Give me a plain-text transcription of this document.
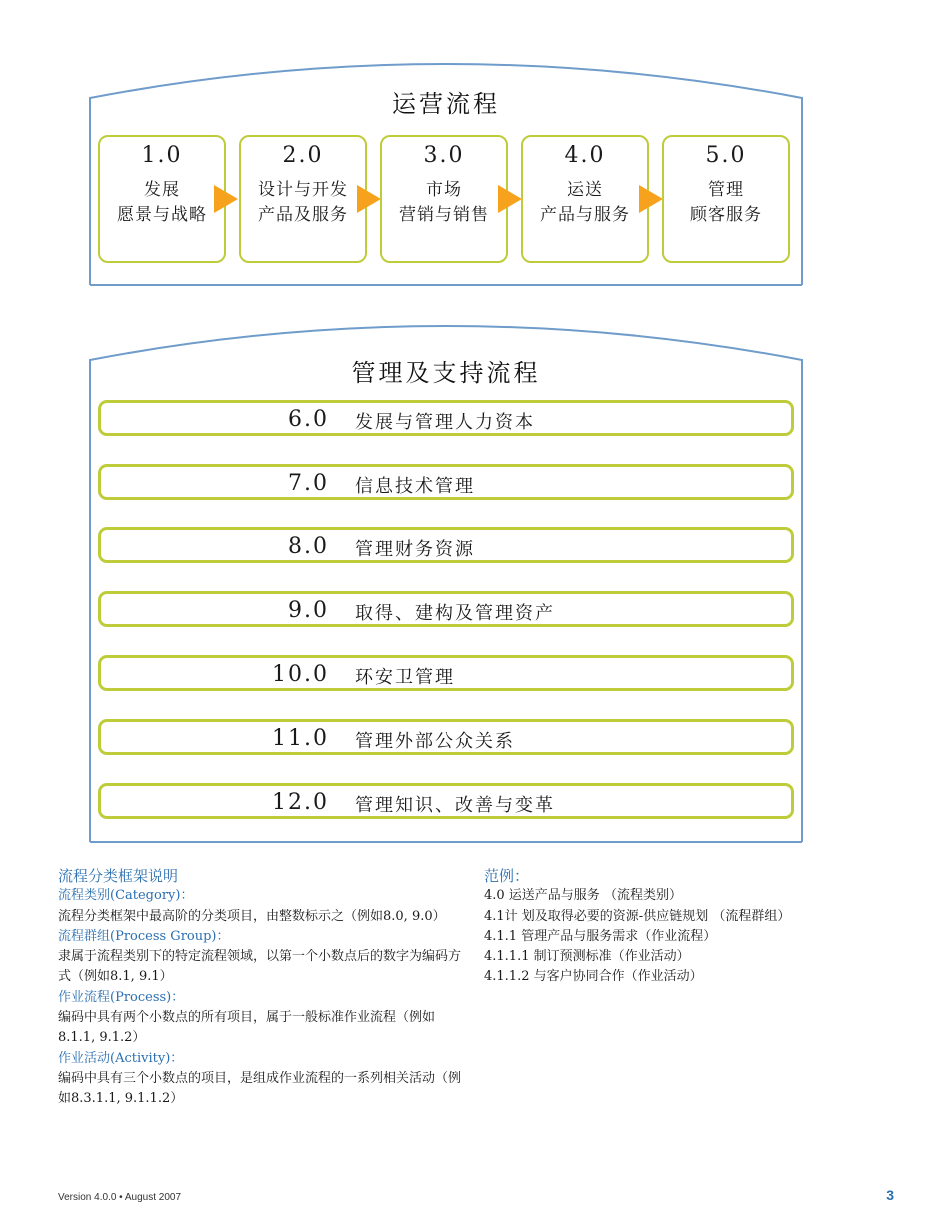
运营流程
1.0
发展
愿景与战略
2.0
设计与开发
产品及服务
3.0
市场
营销与销售
4.0
运送
产品与服务
5.0
管理
顾客服务
管理及支持流程
6.0 发展与管理人力资本
7.0 信息技术管理
8.0 管理财务资源
9.0 取得、建构及管理资产
10.0 环安卫管理
11.0 管理外部公众关系
12.0 管理知识、改善与变革
流程分类框架说明
流程类别(Category)：
流程分类框架中最高阶的分类项目，由整数标示之（例如8.0, 9.0）
流程群组(Process Group)：
隶属于流程类别下的特定流程领域，以第一个小数点后的数字为编码方式（例如8.1, 9.1）
作业流程(Process)：
编码中具有两个小数点的所有项目，属于一般标准作业流程（例如8.1.1, 9.1.2）
作业活动(Activity)：
编码中具有三个小数点的项目，是组成作业流程的一系列相关活动（例如8.3.1.1, 9.1.1.2）
范例：
4.0 运送产品与服务 （流程类别）
4.1计 划及取得必要的资源-供应链规划 （流程群组）
4.1.1 管理产品与服务需求（作业流程）
4.1.1.1 制订预测标准（作业活动）
4.1.1.2 与客户协同合作（作业活动）
Version 4.0.0 • August 2007	3
